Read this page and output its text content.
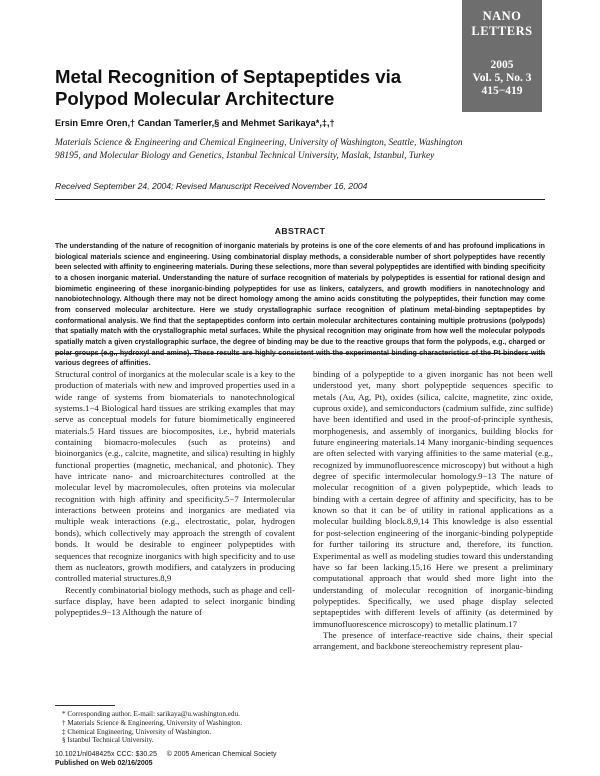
NANO
LETTERS
2005
Vol. 5, No. 3
415−419
Metal Recognition of Septapeptides via Polypod Molecular Architecture
Ersin Emre Oren,† Candan Tamerler,§ and Mehmet Sarikaya*,‡,†
Materials Science & Engineering and Chemical Engineering, University of Washington, Seattle, Washington 98195, and Molecular Biology and Genetics, Istanbul Technical University, Maslak, Istanbul, Turkey
Received September 24, 2004; Revised Manuscript Received November 16, 2004
ABSTRACT
The understanding of the nature of recognition of inorganic materials by proteins is one of the core elements of and has profound implications in biological materials science and engineering. Using combinatorial display methods, a considerable number of short polypeptides have recently been selected with affinity to engineering materials. During these selections, more than several polypeptides are identified with binding specificity to a chosen inorganic material. Understanding the nature of surface recognition of materials by polypeptides is essential for rational design and biomimetic engineering of these inorganic-binding polypeptides for use as linkers, catalyzers, and growth modifiers in nanotechnology and nanobiotechnology. Although there may not be direct homology among the amino acids constituting the polypeptides, their function may come from conserved molecular architecture. Here we study crystallographic surface recognition of platinum metal-binding septapeptides by conformational analysis. We find that the septapeptides conform into certain molecular architectures containing multiple protrusions (polypods) that spatially match with the crystallographic metal surfaces. While the physical recognition may originate from how well the molecular polypods spatially match a given crystallographic surface, the degree of binding may be due to the reactive groups that form the polypods, e.g., charged or various degrees of affinities.

Structural control of inorganics at the molecular scale is a key to the production of materials with new and improved properties used in a wide range of systems from biomaterials to nanotechnological systems.1−4 Biological hard tissues are striking examples that may serve as conceptual models for future biomimetically engineered materials.5 Hard tissues are biocomposites, i.e., hybrid materials containing biomacro-molecules (such as proteins) and bioinorganics (e.g., calcite, magnetite, and silica) resulting in highly functional properties (magnetic, mechanical, and photonic). They have intricate nano- and microarchitectures controlled at the molecular level by macromolecules, often proteins via molecular recognition with high affinity and specificity.5−7 Intermolecular interactions between proteins and inorganics are mediated via multiple weak interactions (e.g., electrostatic, polar, hydrogen bonds), which collectively may approach the strength of covalent bonds. It would be desirable to engineer polypeptides with sequences that recognize inorganics with high specificity and to use them as nucleators, growth modifiers, and catalyzers in producing controlled material structures.8,9

Recently combinatorial biology methods, such as phage and cell-surface display, have been adapted to select inorganic binding polypeptides.9−13 Although the nature of

binding of a polypeptide to a given inorganic has not been well understood yet, many short polypeptide sequences specific to metals (Au, Ag, Pt), oxides (silica, calcite, magnetite, zinc oxide, cuprous oxide), and semiconductors (cadmium sulfide, zinc sulfide) have been identified and used in the proof-of-principle synthesis, morphogenesis, and assembly of inorganics, building blocks for future engineering materials.14 Many inorganic-binding sequences are often selected with varying affinities to the same material (e.g., recognized by immunofluorescence microscopy) but without a high degree of specific intermolecular homology.9−13 The nature of molecular recognition of a given polypeptide, which leads to binding with a certain degree of affinity and specificity, has to be known so that it can be of utility in rational applications as a molecular building block.8,9,14 This knowledge is also essential for post-selection engineering of the inorganic-binding polypeptide for further tailoring its structure and, therefore, its function. Experimental as well as modeling studies toward this understanding have so far been lacking.15,16 Here we present a preliminary computational approach that would shed more light into the understanding of molecular recognition of inorganic-binding polypeptides. Specifically, we used phage display selected septapeptides with different levels of affinity (as determined by immunofluorescence microscopy) to metallic platinum.17

The presence of interface-reactive side chains, their special arrangement, and backbone stereochemistry represent plau-

* Corresponding author. E-mail: sarikaya@u.washington.edu.
† Materials Science & Engineering, University of Washington.
‡ Chemical Engineering, University of Washington.
§ Istanbul Technical University.
10.1021/nl048425x CCC: $30.25     © 2005 American Chemical Society
Published on Web 02/16/2005
